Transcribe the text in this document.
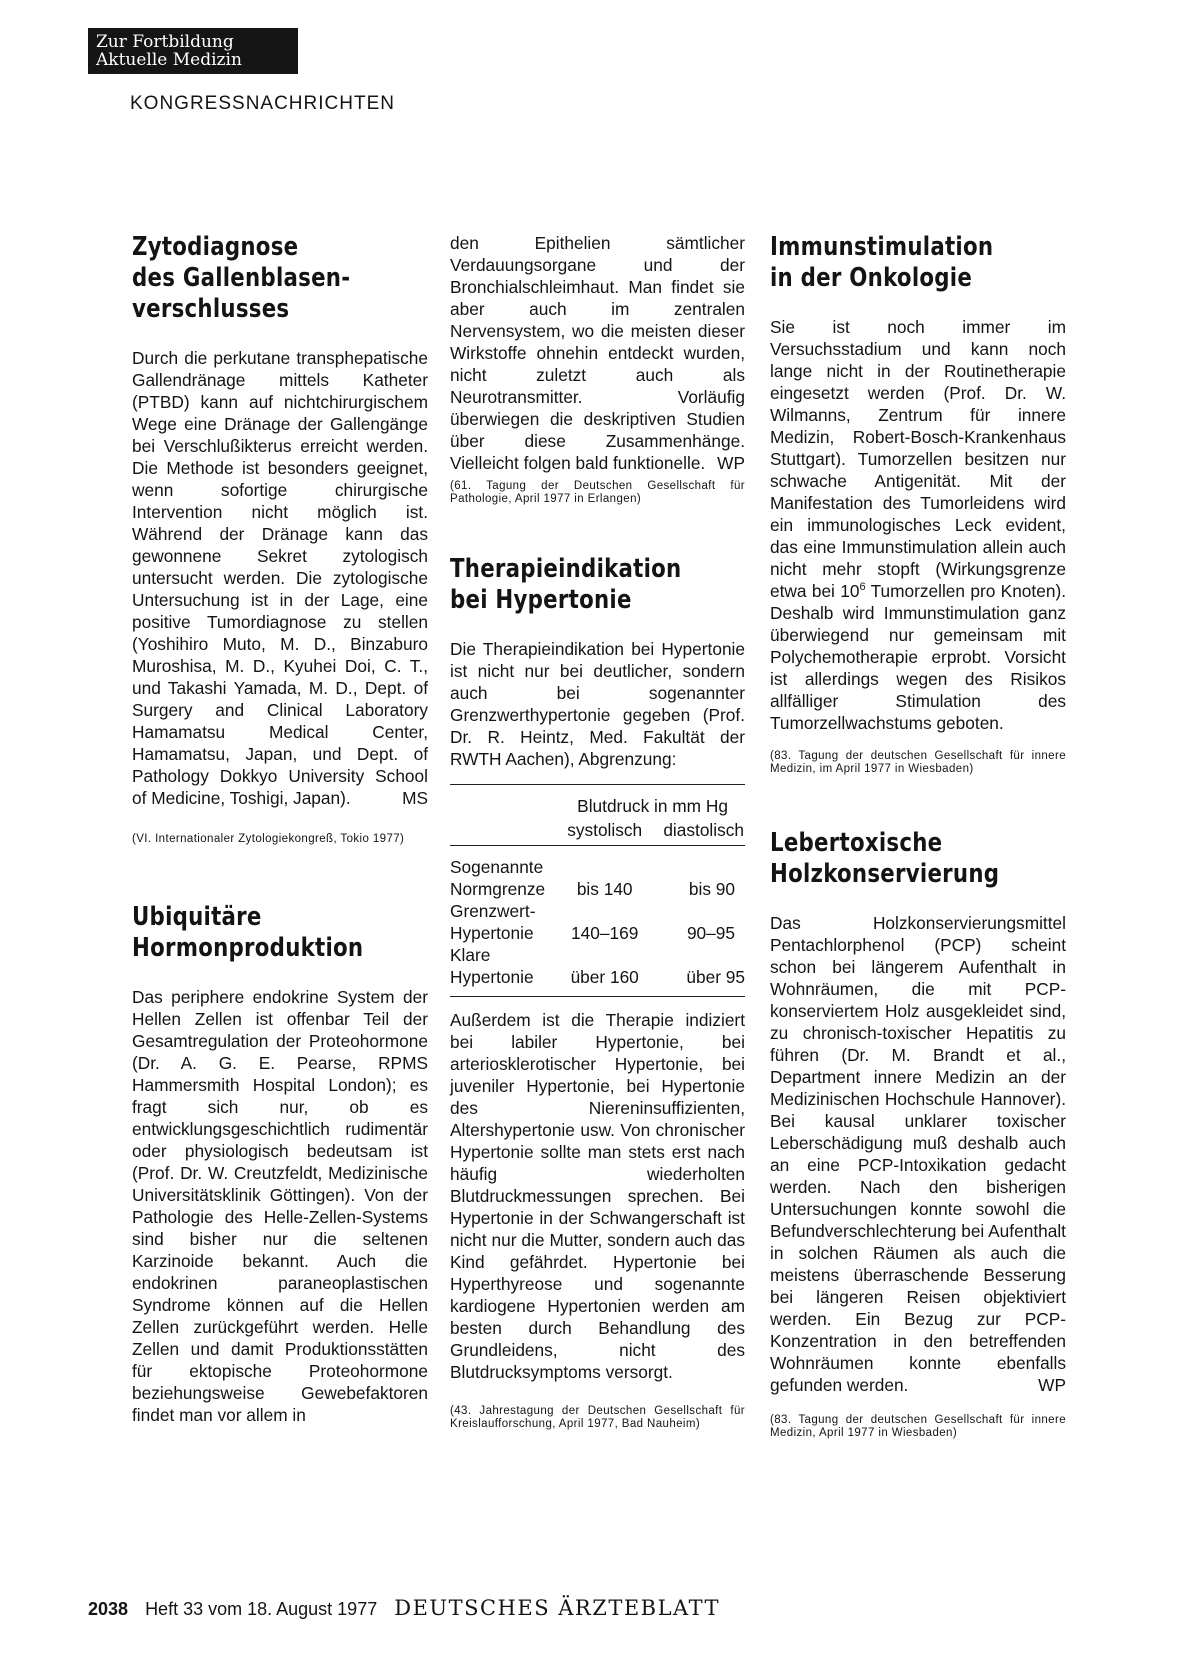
Zur Fortbildung
Aktuelle Medizin
KONGRESSNACHRICHTEN
Zytodiagnose
des Gallenblasen-
verschlusses

Durch die perkutane transphepatische Gallendränage mittels Katheter (PTBD) kann auf nichtchirurgischem Wege eine Dränage der Gallengänge bei Verschlußikterus erreicht werden. Die Methode ist besonders geeignet, wenn sofortige chirurgische Intervention nicht möglich ist. Während der Dränage kann das gewonnene Sekret zytologisch untersucht werden. Die zytologische Untersuchung ist in der Lage, eine positive Tumordiagnose zu stellen (Yoshihiro Muto, M. D., Binzaburo Muroshisa, M. D., Kyuhei Doi, C. T., und Takashi Yamada, M. D., Dept. of Surgery and Clinical Laboratory Hamamatsu Medical Center, Hamamatsu, Japan, und Dept. of Pathology Dokkyo University School of Medicine, Toshigi, Japan).	MS

(VI. Internationaler Zytologiekongreß, Tokio 1977)

Ubiquitäre
Hormonproduktion

Das periphere endokrine System der Hellen Zellen ist offenbar Teil der Gesamtregulation der Proteohormone (Dr. A. G. E. Pearse, RPMS Hammersmith Hospital London); es fragt sich nur, ob es entwicklungsgeschichtlich rudimentär oder physiologisch bedeutsam ist (Prof. Dr. W. Creutzfeldt, Medizinische Universitätsklinik Göttingen). Von der Pathologie des Helle-Zellen-Systems sind bisher nur die seltenen Karzinoide bekannt. Auch die endokrinen paraneoplastischen Syndrome können auf die Hellen Zellen zurückgeführt werden. Helle Zellen und damit Produktionsstätten für ektopische Proteohormone beziehungsweise Gewebefaktoren findet man vor allem in

den Epithelien sämtlicher Verdauungsorgane und der Bronchialschleimhaut. Man findet sie aber auch im zentralen Nervensystem, wo die meisten dieser Wirkstoffe ohnehin entdeckt wurden, nicht zuletzt auch als Neurotransmitter. Vorläufig überwiegen die deskriptiven Studien über diese Zusammenhänge. Vielleicht folgen bald funktionelle. WP

(61. Tagung der Deutschen Gesellschaft für Pathologie, April 1977 in Erlangen)

Therapieindikation
bei Hypertonie

Die Therapieindikation bei Hypertonie ist nicht nur bei deutlicher, sondern auch bei sogenannter Grenzwerthypertonie gegeben (Prof. Dr. R. Heintz, Med. Fakultät der RWTH Aachen), Abgrenzung:

	Blutdruck in mm Hg	
	systolisch	diastolisch

Sogenannte
Normgrenze	bis 140	bis 90
Grenzwert-
Hypertonie	140–169	90–95
Klare
Hypertonie	über 160	über 95

Außerdem ist die Therapie indiziert bei labiler Hypertonie, bei arteriosklerotischer Hypertonie, bei juveniler Hypertonie, bei Hypertonie des Niereninsuffizienten, Altershypertonie usw. Von chronischer Hypertonie sollte man stets erst nach häufig wiederholten Blutdruckmessungen sprechen. Bei Hypertonie in der Schwangerschaft ist nicht nur die Mutter, sondern auch das Kind gefährdet. Hypertonie bei Hyperthyreose und sogenannte kardiogene Hypertonien werden am besten durch Behandlung des Grundleidens, nicht des Blutdrucksymptoms versorgt.

(43. Jahrestagung der Deutschen Gesellschaft für Kreislaufforschung, April 1977, Bad Nauheim)

Immunstimulation
in der Onkologie

Sie ist noch immer im Versuchsstadium und kann noch lange nicht in der Routinetherapie eingesetzt werden (Prof. Dr. W. Wilmanns, Zentrum für innere Medizin, Robert-Bosch-Krankenhaus Stuttgart). Tumorzellen besitzen nur schwache Antigenität. Mit der Manifestation des Tumorleidens wird ein immunologisches Leck evident, das eine Immunstimulation allein auch nicht mehr stopft (Wirkungsgrenze etwa bei $10^6$ Tumorzellen pro Knoten). Deshalb wird Immunstimulation ganz überwiegend nur gemeinsam mit Polychemotherapie erprobt. Vorsicht ist allerdings wegen des Risikos allfälliger Stimulation des Tumorzellwachstums geboten.

(83. Tagung der deutschen Gesellschaft für innere Medizin, im April 1977 in Wiesbaden)

Lebertoxische
Holzkonservierung

Das Holzkonservierungsmittel Pentachlorphenol (PCP) scheint schon bei längerem Aufenthalt in Wohnräumen, die mit PCP-konserviertem Holz ausgekleidet sind, zu chronisch-toxischer Hepatitis zu führen (Dr. M. Brandt et al., Department innere Medizin an der Medizinischen Hochschule Hannover). Bei kausal unklarer toxischer Leberschädigung muß deshalb auch an eine PCP-Intoxikation gedacht werden. Nach den bisherigen Untersuchungen konnte sowohl die Befundverschlechterung bei Aufenthalt in solchen Räumen als auch die meistens überraschende Besserung bei längeren Reisen objektiviert werden. Ein Bezug zur PCP-Konzentration in den betreffenden Wohnräumen konnte ebenfalls gefunden werden.	WP

(83. Tagung der deutschen Gesellschaft für innere Medizin, April 1977 in Wiesbaden)

2038 Heft 33 vom 18. August 1977 DEUTSCHES ÄRZTEBLATT
